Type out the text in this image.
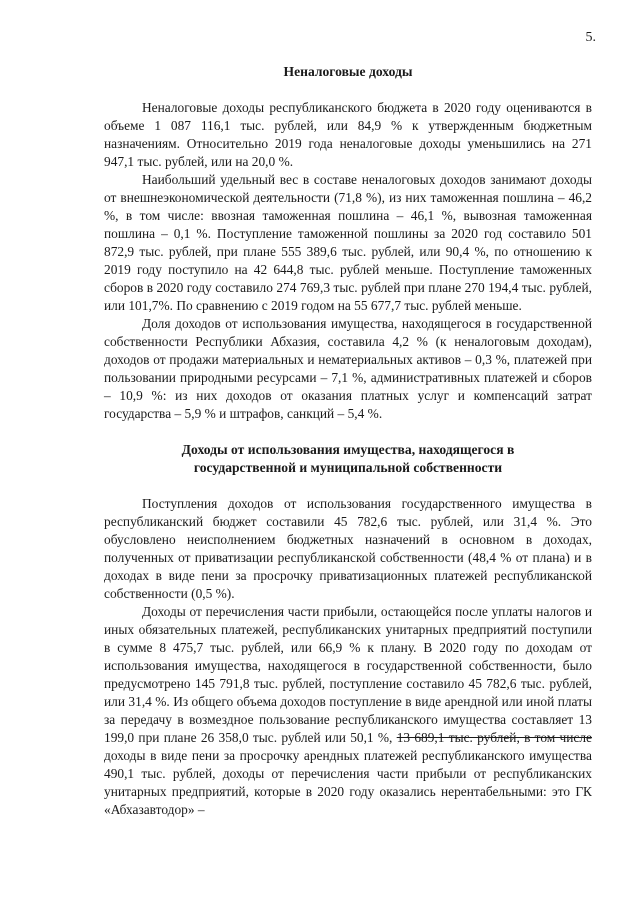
5.
Неналоговые доходы

Неналоговые доходы республиканского бюджета в 2020 году оцениваются в объеме 1 087 116,1 тыс. рублей, или 84,9 % к утвержденным бюджетным назначениям. Относительно 2019 года неналоговые доходы уменьшились на 271 947,1 тыс. рублей, или на 20,0 %.

Наибольший удельный вес в составе неналоговых доходов занимают доходы от внешнеэкономической деятельности (71,8 %), из них таможенная пошлина – 46,2 %, в том числе: ввозная таможенная пошлина – 46,1 %, вывозная таможенная пошлина – 0,1 %. Поступление таможенной пошлины за 2020 год составило 501 872,9 тыс. рублей, при плане 555 389,6 тыс. рублей, или 90,4 %, по отношению к 2019 году поступило на 42 644,8 тыс. рублей меньше. Поступление таможенных сборов в 2020 году составило 274 769,3 тыс. рублей при плане 270 194,4 тыс. рублей, или 101,7%. По сравнению с 2019 годом на 55 677,7 тыс. рублей меньше.

Доля доходов от использования имущества, находящегося в государственной собственности Республики Абхазия, составила 4,2 % (к неналоговым доходам), доходов от продажи материальных и нематериальных активов – 0,3 %, платежей при пользовании природными ресурсами – 7,1 %, административных платежей и сборов – 10,9 %: из них доходов от оказания платных услуг и компенсаций затрат государства – 5,9 % и штрафов, санкций – 5,4 %.

Доходы от использования имущества, находящегося в
государственной и муниципальной собственности

Поступления доходов от использования государственного имущества в республиканский бюджет составили 45 782,6 тыс. рублей, или 31,4 %. Это обусловлено неисполнением бюджетных назначений в основном в доходах, полученных от приватизации республиканской собственности (48,4 % от плана) и в доходах в виде пени за просрочку приватизационных платежей республиканской собственности (0,5 %).

Доходы от перечисления части прибыли, остающейся после уплаты налогов и иных обязательных платежей, республиканских унитарных предприятий поступили в сумме 8 475,7 тыс. рублей, или 66,9 % к плану. В 2020 году по доходам от использования имущества, находящегося в государственной собственности, было предусмотрено 145 791,8 тыс. рублей, поступление составило 45 782,6 тыс. рублей, или 31,4 %. Из общего объема доходов поступление в виде арендной или иной платы за передачу в возмездное пользование республиканского имущества составляет 13 199,0 при плане 26 358,0 тыс. рублей или 50,1 %, 13 689,1 тыс. рублей, в том числе доходы в виде пени за просрочку арендных платежей республиканского имущества 490,1 тыс. рублей, доходы от перечисления части прибыли от республиканских унитарных предприятий, которые в 2020 году оказались нерентабельными: это ГК «Абхазавтодор» –
